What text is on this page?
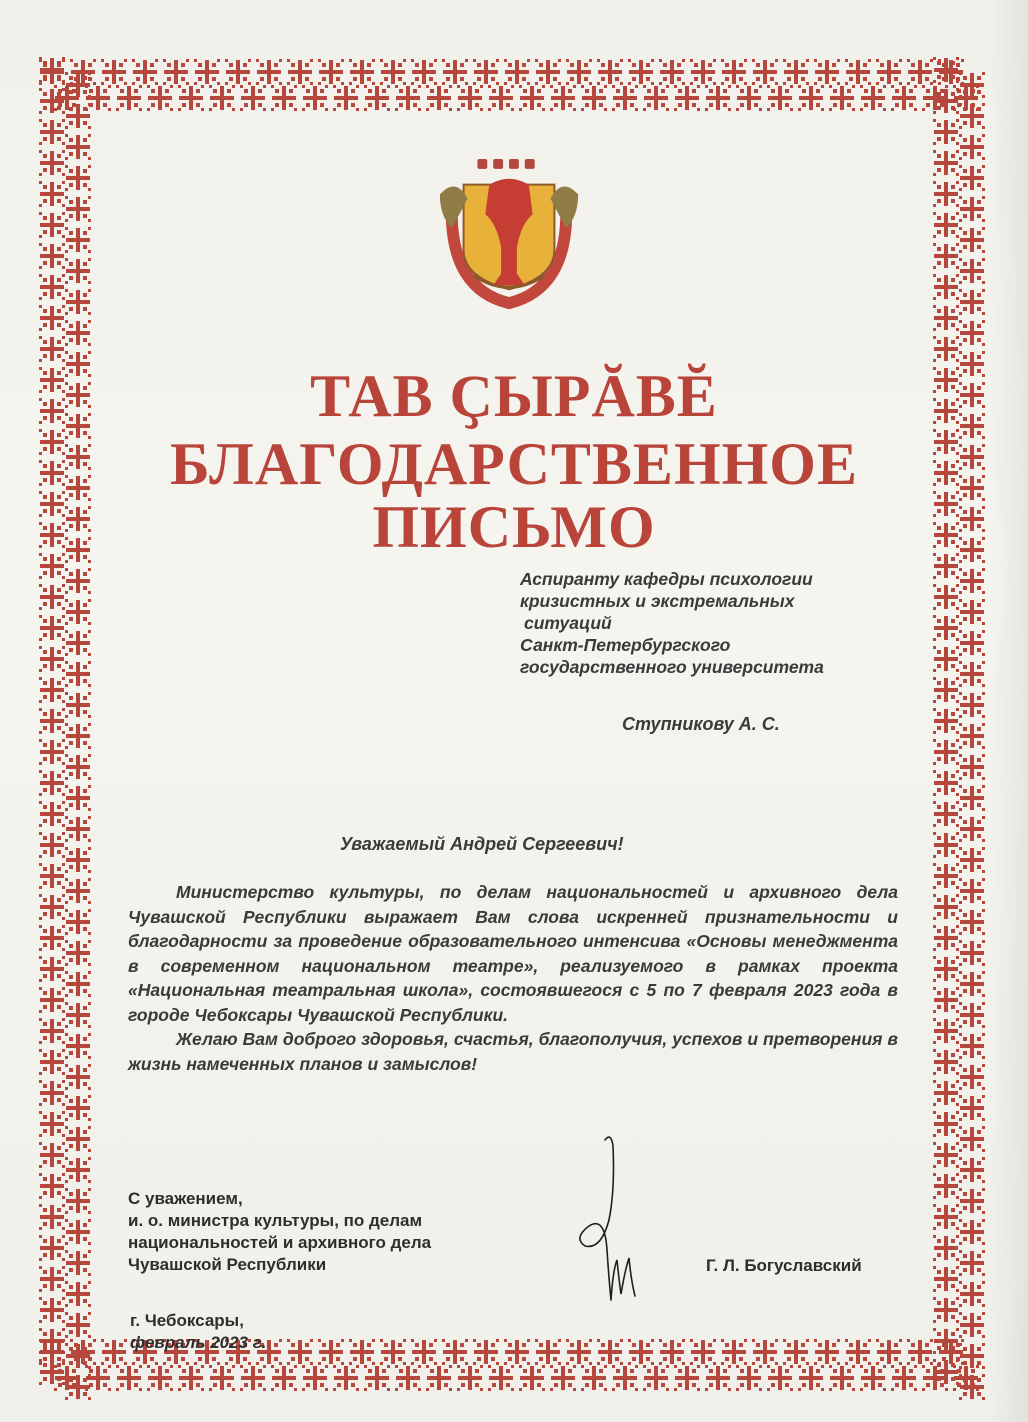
ТАВ ҪЫРĂВĔ
БЛАГОДАРСТВЕННОЕ
ПИСЬМО
Аспиранту кафедры психологии
кризистных и экстремальных
ситуаций
Санкт-Петербургского
государственного университета
Ступникову А. С.
Уважаемый Андрей Сергеевич!

Министерство культуры, по делам национальностей и архивного дела Чувашской Республики выражает Вам слова искренней признательности и благодарности за проведение образовательного интенсива «Основы менеджмента в современном национальном театре», реализуемого в рамках проекта «Национальная театральная школа», состоявшегося с 5 по 7 февраля 2023 года в городе Чебоксары Чувашской Республики.

Желаю Вам доброго здоровья, счастья, благополучия, успехов и претворения в жизнь намеченных планов и замыслов!

С уважением,
и. о. министра культуры, по делам
национальностей и архивного дела
Чувашской Республики	Г. Л. Богуславский
г. Чебоксары,
февраль 2023 г.
